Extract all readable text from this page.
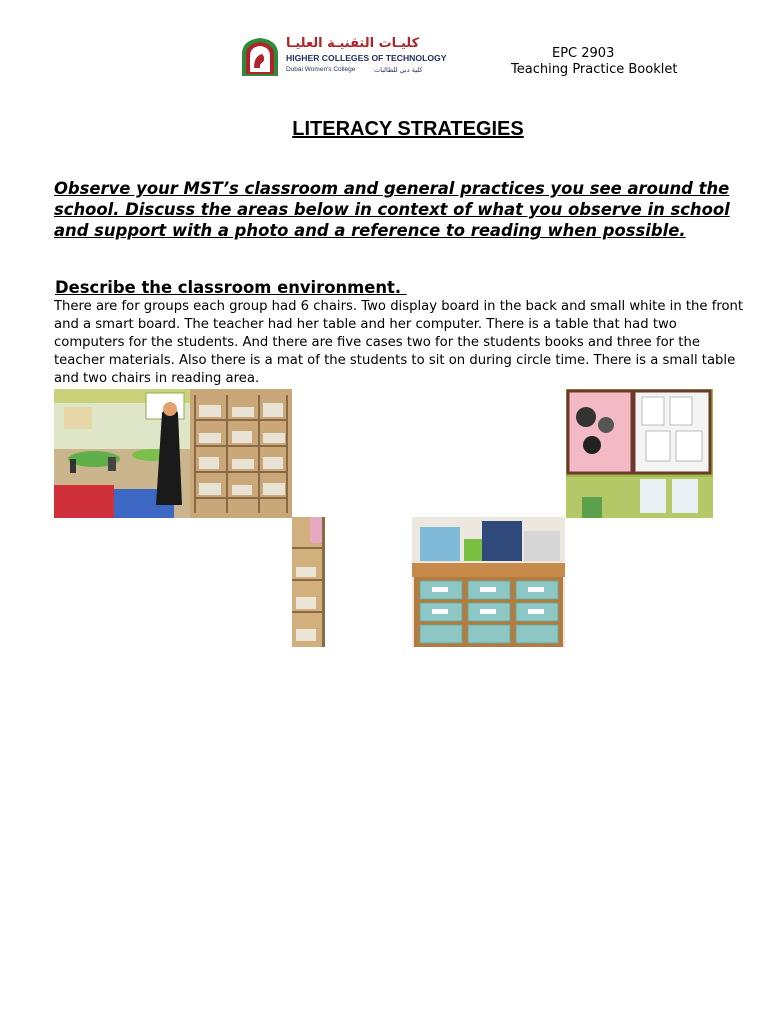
كليـات التقنيـة العليـا
HIGHER COLLEGES OF TECHNOLOGY
Dubai Women's College	كلية دبي للطالبات
EPC 2903
Teaching Practice Booklet
LITERACY STRATEGIES
Observe your MST’s classroom and general practices you see around the school. Discuss the areas below in context of what you observe in school and support with a photo and a reference to reading when possible.
Describe the classroom environment.
There are for groups each group had 6 chairs. Two display board in the back and small white in the front and a smart board. The teacher had her table and her computer. There is a table that had two computers for the students. And there are five cases two for the students books and three for the teacher materials. Also there is a mat of the students to sit on during circle time. There is a small table and two chairs in reading area.
